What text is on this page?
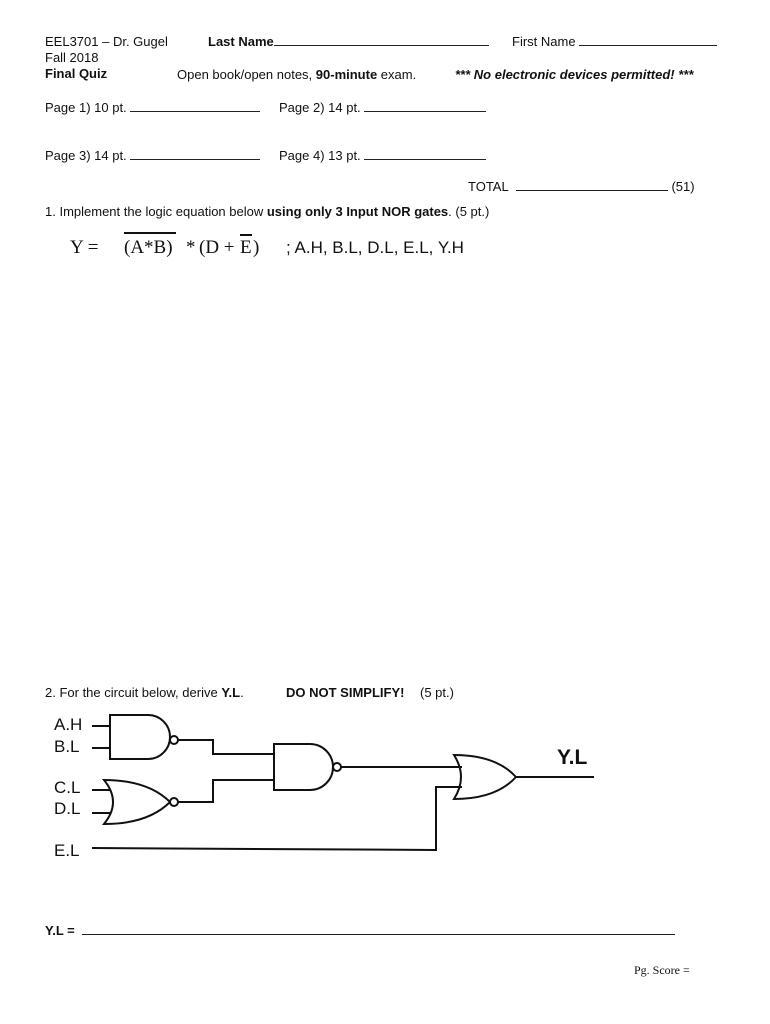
EEL3701 – Dr. Gugel
Fall 2018
Final Quiz
Last Name	First Name
Open book/open notes, 90-minute exam.	*** No electronic devices permitted! ***
Page 1) 10 pt.	Page 2) 14 pt.
Page 3) 14 pt.	Page 4) 13 pt.
TOTAL	(51)
1. Implement the logic equation below using only 3 Input NOR gates. (5 pt.)
Y = (A*B) * (D + E ) ; A.H, B.L, D.L, E.L, Y.H
2. For the circuit below, derive Y.L.	DO NOT SIMPLIFY! (5 pt.)
A.H
B.L
C.L
D.L
E.L
Y.L
Y.L =
Pg. Score =
